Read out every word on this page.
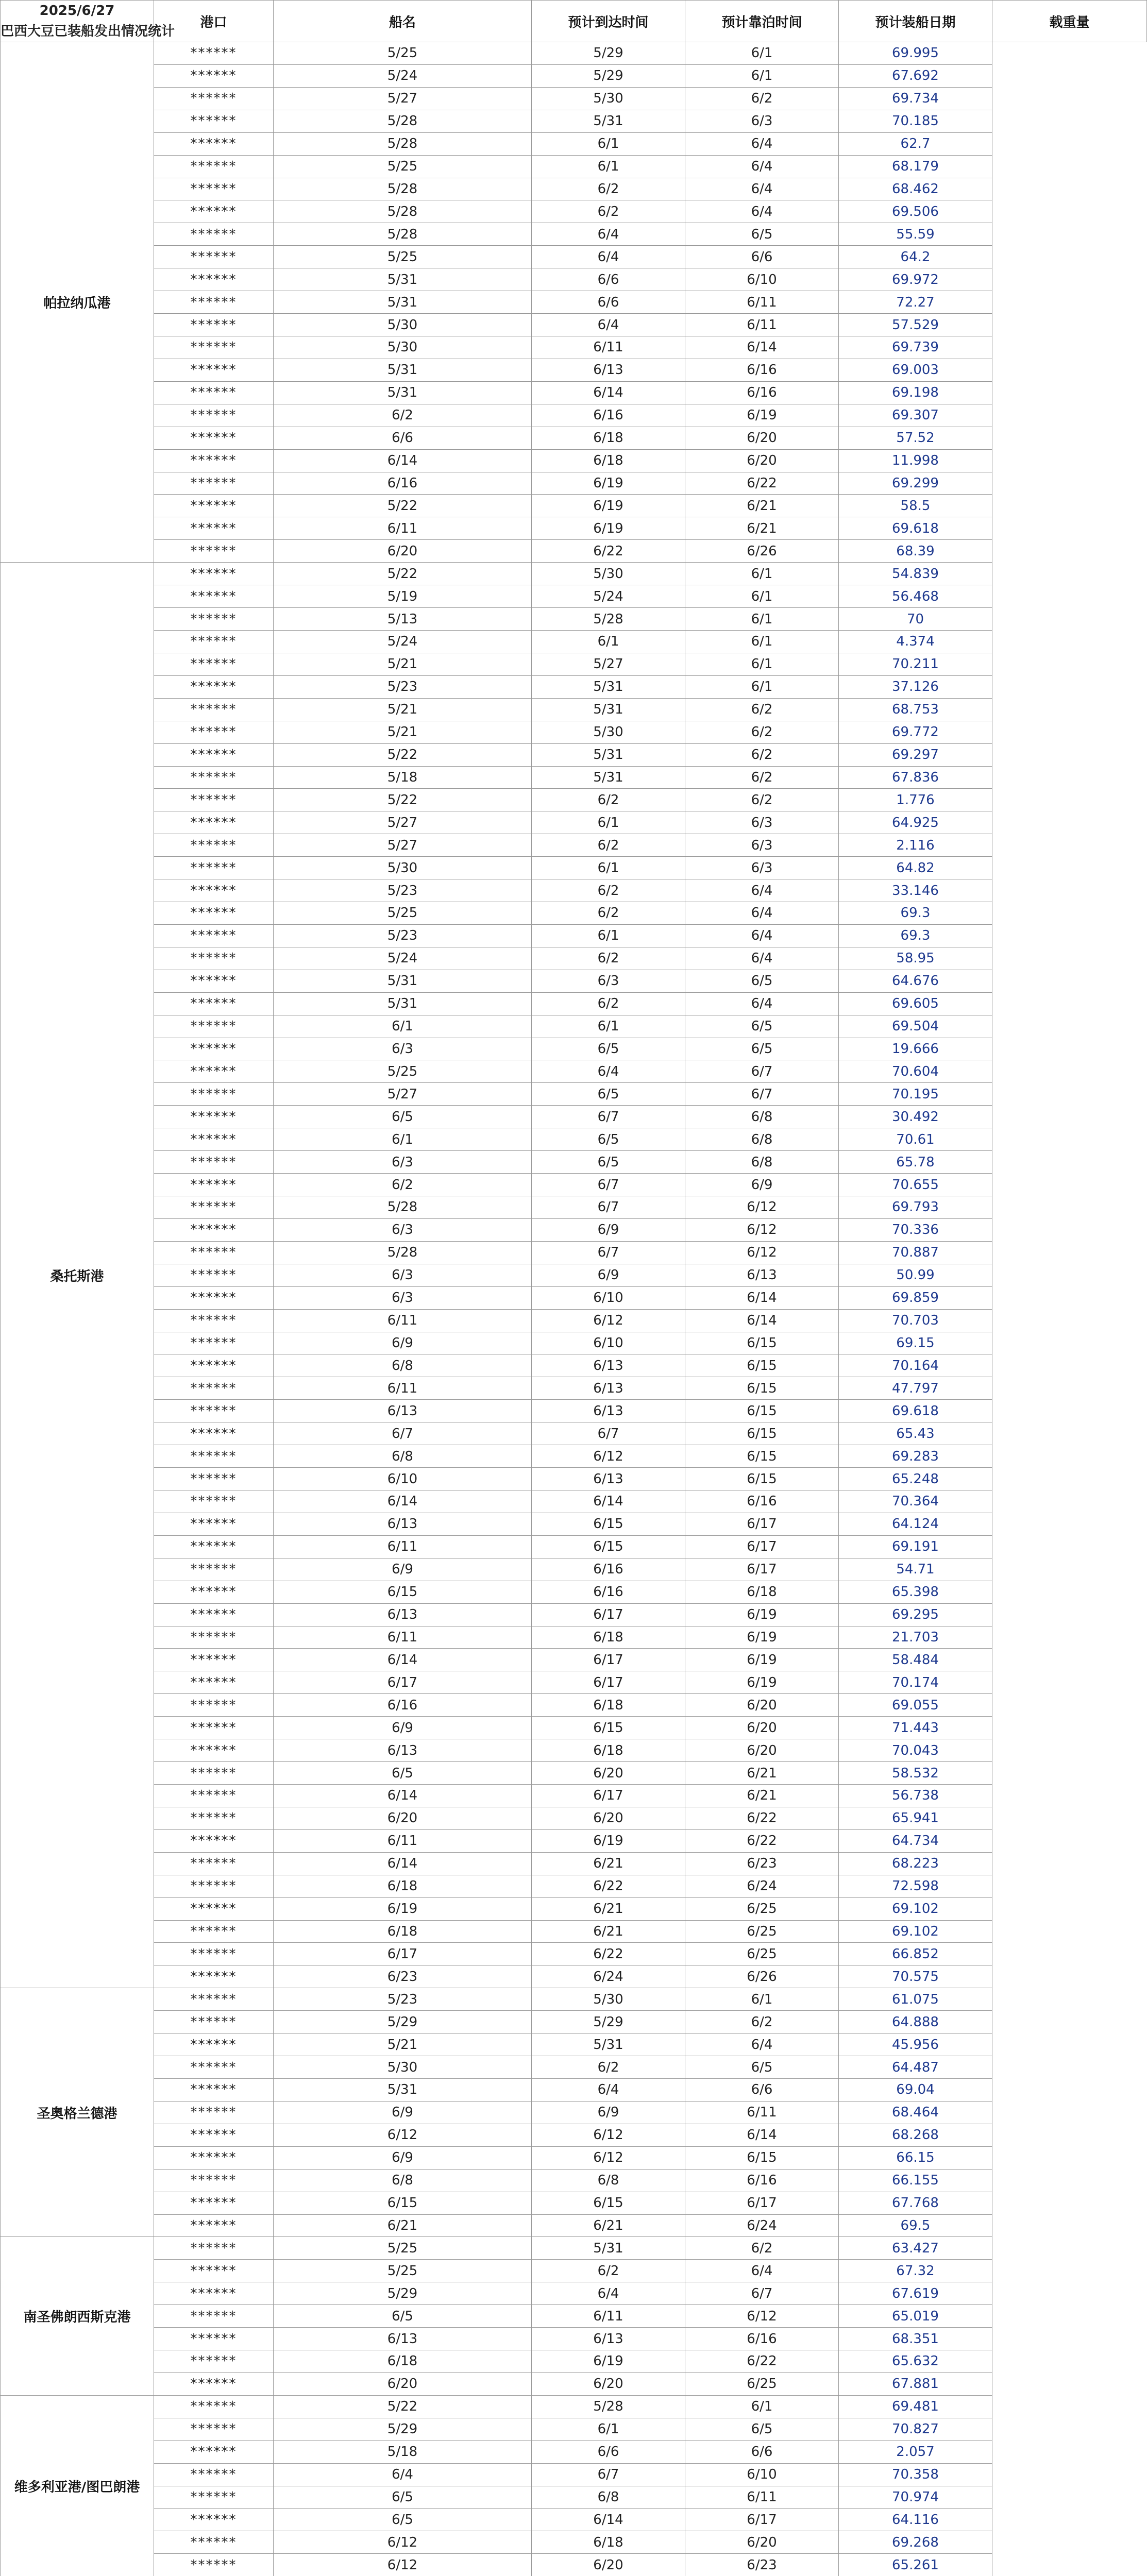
2025/6/27
巴西大豆已装船发出情况统计	港口	船名	预计到达时间	预计靠泊时间	预计装船日期	载重量
帕拉纳瓜港	******	5/25	5/29	6/1	69.995	
	******	5/24	5/29	6/1	67.692	
	******	5/27	5/30	6/2	69.734	
	******	5/28	5/31	6/3	70.185	
	******	5/28	6/1	6/4	62.7	
	******	5/25	6/1	6/4	68.179	
	******	5/28	6/2	6/4	68.462	
	******	5/28	6/2	6/4	69.506	
	******	5/28	6/4	6/5	55.59	
	******	5/25	6/4	6/6	64.2	
	******	5/31	6/6	6/10	69.972	
	******	5/31	6/6	6/11	72.27	
	******	5/30	6/4	6/11	57.529	
	******	5/30	6/11	6/14	69.739	
	******	5/31	6/13	6/16	69.003	
	******	5/31	6/14	6/16	69.198	
	******	6/2	6/16	6/19	69.307	
	******	6/6	6/18	6/20	57.52	
	******	6/14	6/18	6/20	11.998	
	******	6/16	6/19	6/22	69.299	
	******	5/22	6/19	6/21	58.5	
	******	6/11	6/19	6/21	69.618	
	******	6/20	6/22	6/26	68.39	
桑托斯港	******	5/22	5/30	6/1	54.839	
	******	5/19	5/24	6/1	56.468	
	******	5/13	5/28	6/1	70	
	******	5/24	6/1	6/1	4.374	
	******	5/21	5/27	6/1	70.211	
	******	5/23	5/31	6/1	37.126	
	******	5/21	5/31	6/2	68.753	
	******	5/21	5/30	6/2	69.772	
	******	5/22	5/31	6/2	69.297	
	******	5/18	5/31	6/2	67.836	
	******	5/22	6/2	6/2	1.776	
	******	5/27	6/1	6/3	64.925	
	******	5/27	6/2	6/3	2.116	
	******	5/30	6/1	6/3	64.82	
	******	5/23	6/2	6/4	33.146	
	******	5/25	6/2	6/4	69.3	
	******	5/23	6/1	6/4	69.3	
	******	5/24	6/2	6/4	58.95	
	******	5/31	6/3	6/5	64.676	
	******	5/31	6/2	6/4	69.605	
	******	6/1	6/1	6/5	69.504	
	******	6/3	6/5	6/5	19.666	
	******	5/25	6/4	6/7	70.604	
	******	5/27	6/5	6/7	70.195	
	******	6/5	6/7	6/8	30.492	
	******	6/1	6/5	6/8	70.61	
	******	6/3	6/5	6/8	65.78	
	******	6/2	6/7	6/9	70.655	
	******	5/28	6/7	6/12	69.793	
	******	6/3	6/9	6/12	70.336	
	******	5/28	6/7	6/12	70.887	
	******	6/3	6/9	6/13	50.99	
	******	6/3	6/10	6/14	69.859	
	******	6/11	6/12	6/14	70.703	
	******	6/9	6/10	6/15	69.15	
	******	6/8	6/13	6/15	70.164	
	******	6/11	6/13	6/15	47.797	
	******	6/13	6/13	6/15	69.618	
	******	6/7	6/7	6/15	65.43	
	******	6/8	6/12	6/15	69.283	
	******	6/10	6/13	6/15	65.248	
	******	6/14	6/14	6/16	70.364	
	******	6/13	6/15	6/17	64.124	
	******	6/11	6/15	6/17	69.191	
	******	6/9	6/16	6/17	54.71	
	******	6/15	6/16	6/18	65.398	
	******	6/13	6/17	6/19	69.295	
	******	6/11	6/18	6/19	21.703	
	******	6/14	6/17	6/19	58.484	
	******	6/17	6/17	6/19	70.174	
	******	6/16	6/18	6/20	69.055	
	******	6/9	6/15	6/20	71.443	
	******	6/13	6/18	6/20	70.043	
	******	6/5	6/20	6/21	58.532	
	******	6/14	6/17	6/21	56.738	
	******	6/20	6/20	6/22	65.941	
	******	6/11	6/19	6/22	64.734	
	******	6/14	6/21	6/23	68.223	
	******	6/18	6/22	6/24	72.598	
	******	6/19	6/21	6/25	69.102	
	******	6/18	6/21	6/25	69.102	
	******	6/17	6/22	6/25	66.852	
	******	6/23	6/24	6/26	70.575	
圣奥格兰德港	******	5/23	5/30	6/1	61.075	
	******	5/29	5/29	6/2	64.888	
	******	5/21	5/31	6/4	45.956	
	******	5/30	6/2	6/5	64.487	
	******	5/31	6/4	6/6	69.04	
	******	6/9	6/9	6/11	68.464	
	******	6/12	6/12	6/14	68.268	
	******	6/9	6/12	6/15	66.15	
	******	6/8	6/8	6/16	66.155	
	******	6/15	6/15	6/17	67.768	
	******	6/21	6/21	6/24	69.5	
南圣佛朗西斯克港	******	5/25	5/31	6/2	63.427	
	******	5/25	6/2	6/4	67.32	
	******	5/29	6/4	6/7	67.619	
	******	6/5	6/11	6/12	65.019	
	******	6/13	6/13	6/16	68.351	
	******	6/18	6/19	6/22	65.632	
	******	6/20	6/20	6/25	67.881	
维多利亚港/图巴朗港	******	5/22	5/28	6/1	69.481	
	******	5/29	6/1	6/5	70.827	
	******	5/18	6/6	6/6	2.057	
	******	6/4	6/7	6/10	70.358	
	******	6/5	6/8	6/11	70.974	
	******	6/5	6/14	6/17	64.116	
	******	6/12	6/18	6/20	69.268	
	******	6/12	6/20	6/23	65.261	
